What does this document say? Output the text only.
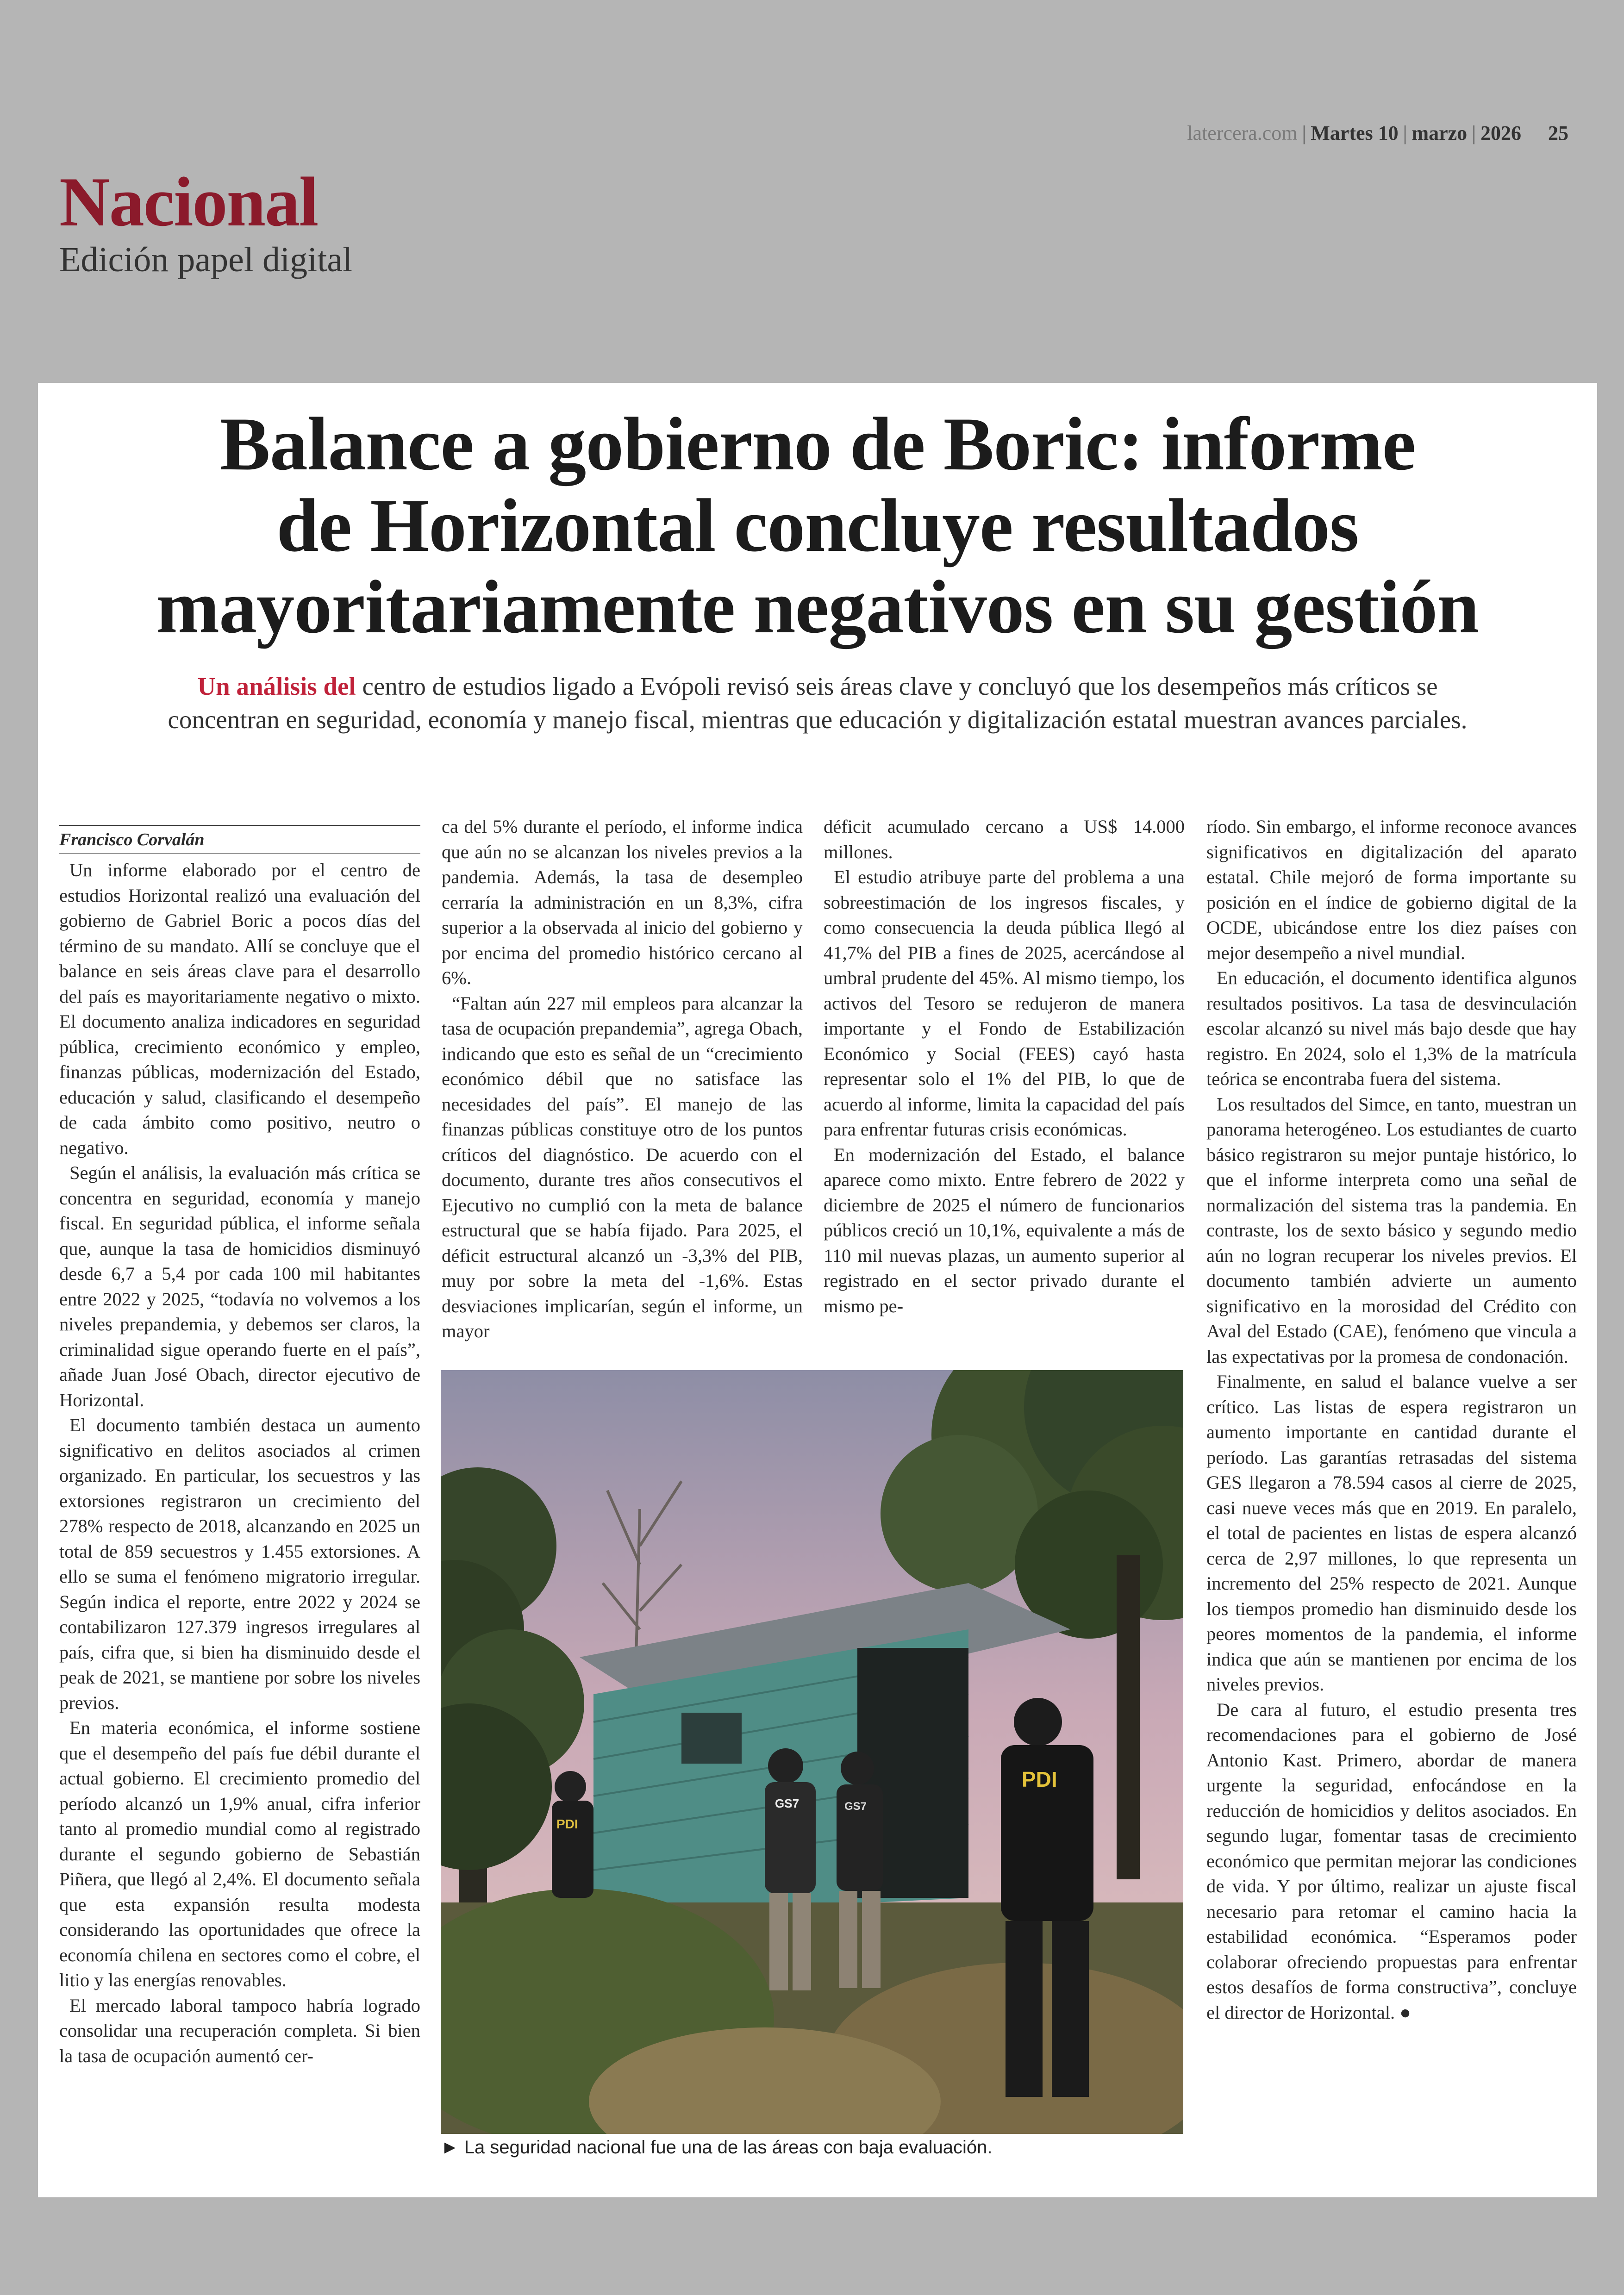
latercera.com | Martes 10 | marzo | 2026 25
Nacional
Edición papel digital
Balance a gobierno de Boric: informe
de Horizontal concluye resultados
mayoritariamente negativos en su gestión
Un análisis del centro de estudios ligado a Evópoli revisó seis áreas clave y concluyó que los desempeños más críticos se concentran en seguridad, economía y manejo fiscal, mientras que educación y digitalización estatal muestran avances parciales.
Francisco Corvalán

Un informe elaborado por el centro de estudios Horizontal realizó una evaluación del gobierno de Gabriel Boric a pocos días del término de su mandato. Allí se concluye que el balance en seis áreas clave para el desarrollo del país es mayoritariamente negativo o mixto. El documento analiza indicadores en seguridad pública, crecimiento económico y empleo, finanzas públicas, modernización del Estado, educación y salud, clasificando el desempeño de cada ámbito como positivo, neutro o negativo.

Según el análisis, la evaluación más crítica se concentra en seguridad, economía y manejo fiscal. En seguridad pública, el informe señala que, aunque la tasa de homicidios disminuyó desde 6,7 a 5,4 por cada 100 mil habitantes entre 2022 y 2025, “todavía no volvemos a los niveles prepandemia, y debemos ser claros, la criminalidad sigue operando fuerte en el país”, añade Juan José Obach, director ejecutivo de Horizontal.

El documento también destaca un aumento significativo en delitos asociados al crimen organizado. En particular, los secuestros y las extorsiones registraron un crecimiento del 278% respecto de 2018, alcanzando en 2025 un total de 859 secuestros y 1.455 extorsiones. A ello se suma el fenómeno migratorio irregular. Según indica el reporte, entre 2022 y 2024 se contabilizaron 127.379 ingresos irregulares al país, cifra que, si bien ha disminuido desde el peak de 2021, se mantiene por sobre los niveles previos.

En materia económica, el informe sostiene que el desempeño del país fue débil durante el actual gobierno. El crecimiento promedio del período alcanzó un 1,9% anual, cifra inferior tanto al promedio mundial como al registrado durante el segundo gobierno de Sebastián Piñera, que llegó al 2,4%. El documento señala que esta expansión resulta modesta considerando las oportunidades que ofrece la economía chilena en sectores como el cobre, el litio y las energías renovables.

El mercado laboral tampoco habría logrado consolidar una recuperación completa. Si bien la tasa de ocupación aumentó cer-

ca del 5% durante el período, el informe indica que aún no se alcanzan los niveles previos a la pandemia. Además, la tasa de desempleo cerraría la administración en un 8,3%, cifra superior a la observada al inicio del gobierno y por encima del promedio histórico cercano al 6%.

“Faltan aún 227 mil empleos para alcanzar la tasa de ocupación prepandemia”, agrega Obach, indicando que esto es señal de un “crecimiento económico débil que no satisface las necesidades del país”. El manejo de las finanzas públicas constituye otro de los puntos críticos del diagnóstico. De acuerdo con el documento, durante tres años consecutivos el Ejecutivo no cumplió con la meta de balance estructural que se había fijado. Para 2025, el déficit estructural alcanzó un -3,3% del PIB, muy por sobre la meta del -1,6%. Estas desviaciones implicarían, según el informe, un mayor

déficit acumulado cercano a US$ 14.000 millones.

El estudio atribuye parte del problema a una sobreestimación de los ingresos fiscales, y como consecuencia la deuda pública llegó al 41,7% del PIB a fines de 2025, acercándose al umbral prudente del 45%. Al mismo tiempo, los activos del Tesoro se redujeron de manera importante y el Fondo de Estabilización Económico y Social (FEES) cayó hasta representar solo el 1% del PIB, lo que de acuerdo al informe, limita la capacidad del país para enfrentar futuras crisis económicas.

En modernización del Estado, el balance aparece como mixto. Entre febrero de 2022 y diciembre de 2025 el número de funcionarios públicos creció un 10,1%, equivalente a más de 110 mil nuevas plazas, un aumento superior al registrado en el sector privado durante el mismo pe-

ríodo. Sin embargo, el informe reconoce avances significativos en digitalización del aparato estatal. Chile mejoró de forma importante su posición en el índice de gobierno digital de la OCDE, ubicándose entre los diez países con mejor desempeño a nivel mundial.

En educación, el documento identifica algunos resultados positivos. La tasa de desvinculación escolar alcanzó su nivel más bajo desde que hay registro. En 2024, solo el 1,3% de la matrícula teórica se encontraba fuera del sistema.

Los resultados del Simce, en tanto, muestran un panorama heterogéneo. Los estudiantes de cuarto básico registraron su mejor puntaje histórico, lo que el informe interpreta como una señal de normalización del sistema tras la pandemia. En contraste, los de sexto básico y segundo medio aún no logran recuperar los niveles previos. El documento también advierte un aumento significativo en la morosidad del Crédito con Aval del Estado (CAE), fenómeno que vincula a las expectativas por la promesa de condonación.

Finalmente, en salud el balance vuelve a ser crítico. Las listas de espera registraron un aumento importante en cantidad durante el período. Las garantías retrasadas del sistema GES llegaron a 78.594 casos al cierre de 2025, casi nueve veces más que en 2019. En paralelo, el total de pacientes en listas de espera alcanzó cerca de 2,97 millones, lo que representa un incremento del 25% respecto de 2021. Aunque los tiempos promedio han disminuido desde los peores momentos de la pandemia, el informe indica que aún se mantienen por encima de los niveles previos.

De cara al futuro, el estudio presenta tres recomendaciones para el gobierno de José Antonio Kast. Primero, abordar de manera urgente la seguridad, enfocándose en la reducción de homicidios y delitos asociados. En segundo lugar, fomentar tasas de crecimiento económico que permitan mejorar las condiciones de vida. Y por último, realizar un ajuste fiscal necesario para retomar el camino hacia la estabilidad económica. “Esperamos poder colaborar ofreciendo propuestas para enfrentar estos desafíos de forma constructiva”, concluye el director de Horizontal. ●

PDI
GS7	GS7
PDI
► La seguridad nacional fue una de las áreas con baja evaluación.
